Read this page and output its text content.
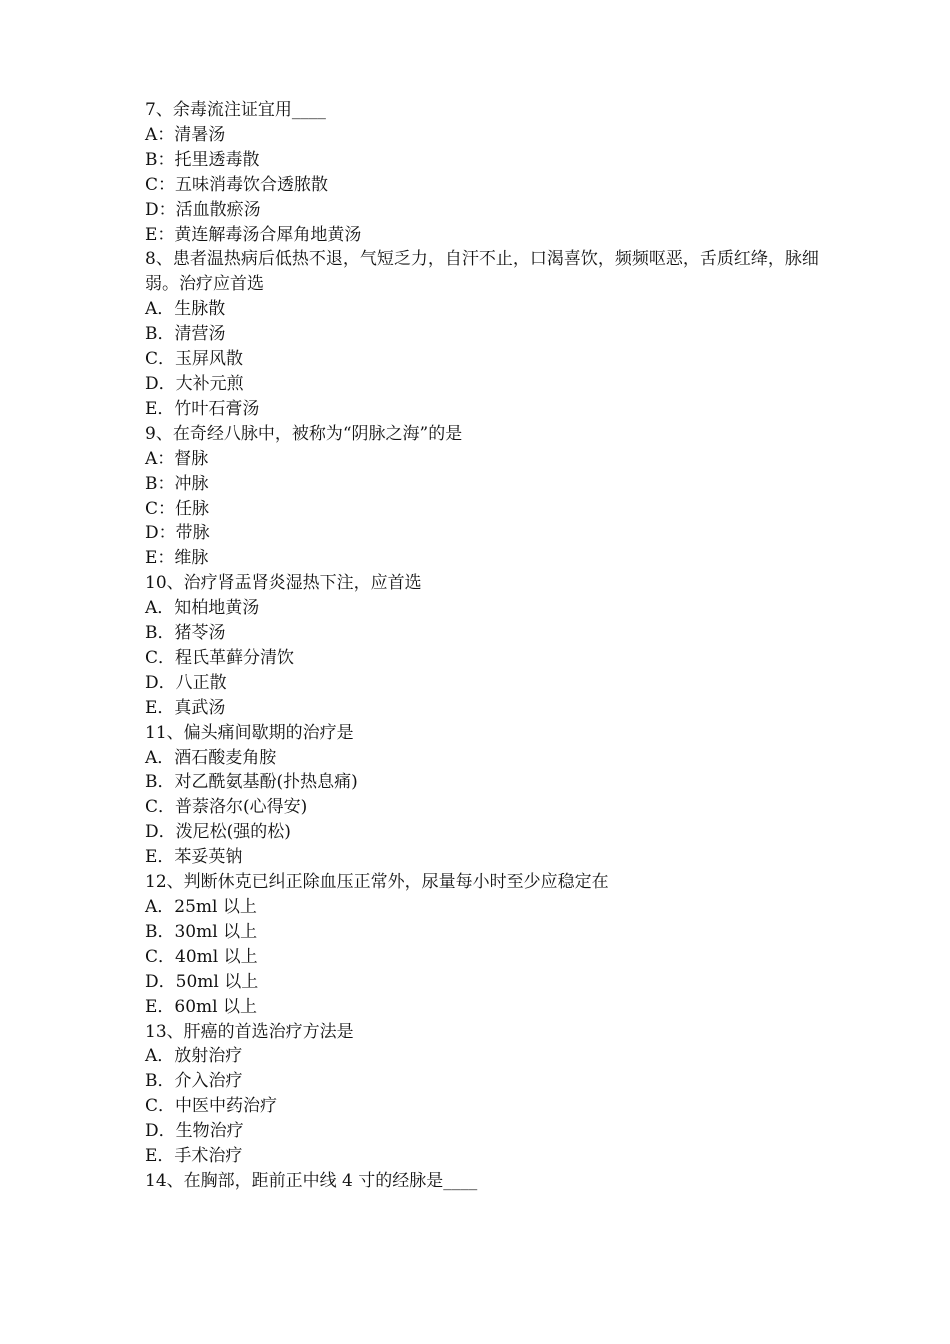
7、余毒流注证宜用____

A：清暑汤

B：托里透毒散

C：五味消毒饮合透脓散

D：活血散瘀汤

E：黄连解毒汤合犀角地黄汤

8、患者温热病后低热不退，气短乏力，自汗不止，口渴喜饮，频频呕恶，舌质红绛，脉细弱。治疗应首选

A．生脉散

B．清营汤

C．玉屏风散

D．大补元煎

E．竹叶石膏汤

9、在奇经八脉中，被称为“阴脉之海”的是

A：督脉

B：冲脉

C：任脉

D：带脉

E：维脉

10、治疗肾盂肾炎湿热下注，应首选

A．知柏地黄汤

B．猪苓汤

C．程氏革藓分清饮

D．八正散

E．真武汤

11、偏头痛间歇期的治疗是

A．酒石酸麦角胺

B．对乙酰氨基酚(扑热息痛)

C．普萘洛尔(心得安)

D．泼尼松(强的松)

E．苯妥英钠

12、判断休克已纠正除血压正常外，尿量每小时至少应稳定在

A．25ml 以上

B．30ml 以上

C．40ml 以上

D．50ml 以上

E．60ml 以上

13、肝癌的首选治疗方法是

A．放射治疗

B．介入治疗

C．中医中药治疗

D．生物治疗

E．手术治疗

14、在胸部，距前正中线 4 寸的经脉是____
